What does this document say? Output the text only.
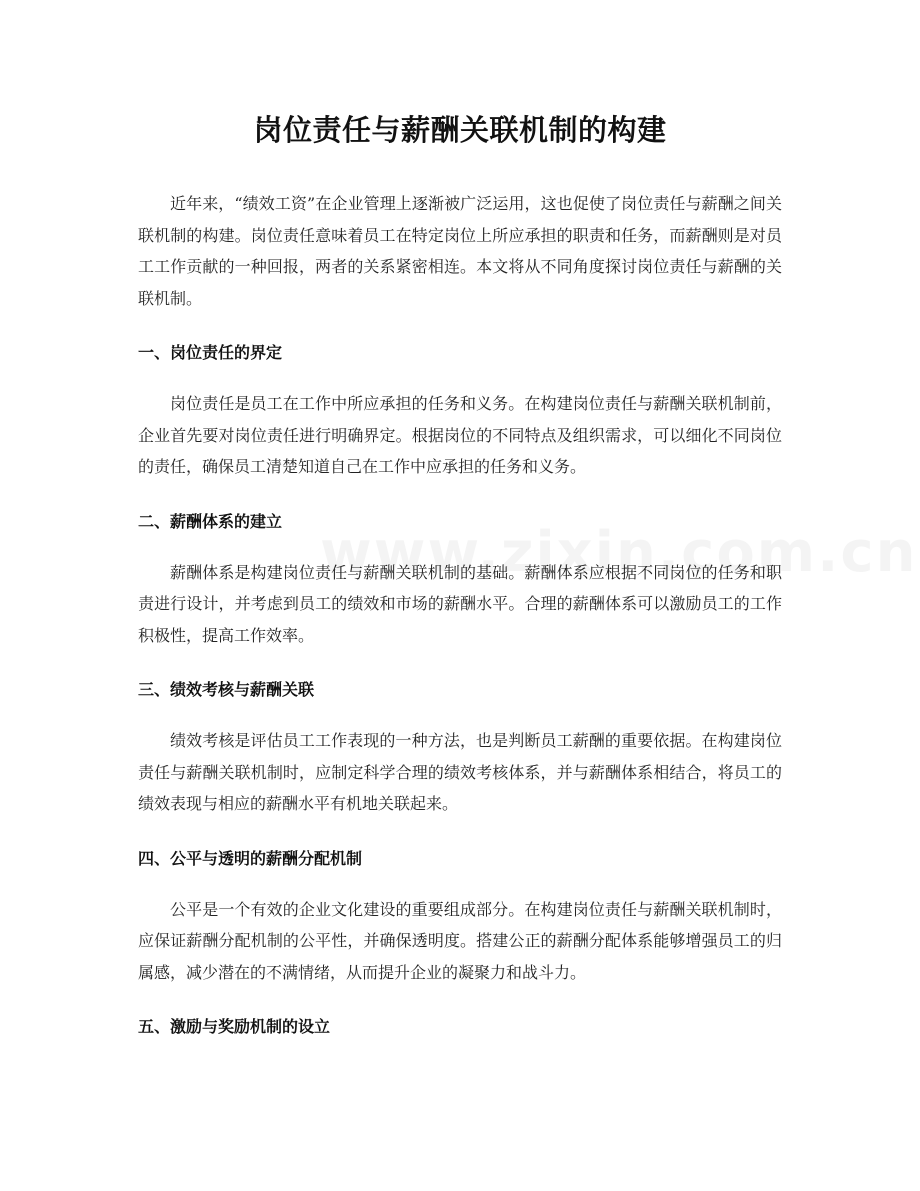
岗位责任与薪酬关联机制的构建

近年来，“绩效工资”在企业管理上逐渐被广泛运用，这也促使了岗位责任与薪酬之间关联机制的构建。岗位责任意味着员工在特定岗位上所应承担的职责和任务，而薪酬则是对员工工作贡献的一种回报，两者的关系紧密相连。本文将从不同角度探讨岗位责任与薪酬的关联机制。

一、岗位责任的界定

岗位责任是员工在工作中所应承担的任务和义务。在构建岗位责任与薪酬关联机制前，企业首先要对岗位责任进行明确界定。根据岗位的不同特点及组织需求，可以细化不同岗位的责任，确保员工清楚知道自己在工作中应承担的任务和义务。

二、薪酬体系的建立

薪酬体系是构建岗位责任与薪酬关联机制的基础。薪酬体系应根据不同岗位的任务和职责进行设计，并考虑到员工的绩效和市场的薪酬水平。合理的薪酬体系可以激励员工的工作积极性，提高工作效率。

三、绩效考核与薪酬关联

绩效考核是评估员工工作表现的一种方法，也是判断员工薪酬的重要依据。在构建岗位责任与薪酬关联机制时，应制定科学合理的绩效考核体系，并与薪酬体系相结合，将员工的绩效表现与相应的薪酬水平有机地关联起来。

四、公平与透明的薪酬分配机制

公平是一个有效的企业文化建设的重要组成部分。在构建岗位责任与薪酬关联机制时，应保证薪酬分配机制的公平性，并确保透明度。搭建公正的薪酬分配体系能够增强员工的归属感，减少潜在的不满情绪，从而提升企业的凝聚力和战斗力。

五、激励与奖励机制的设立
